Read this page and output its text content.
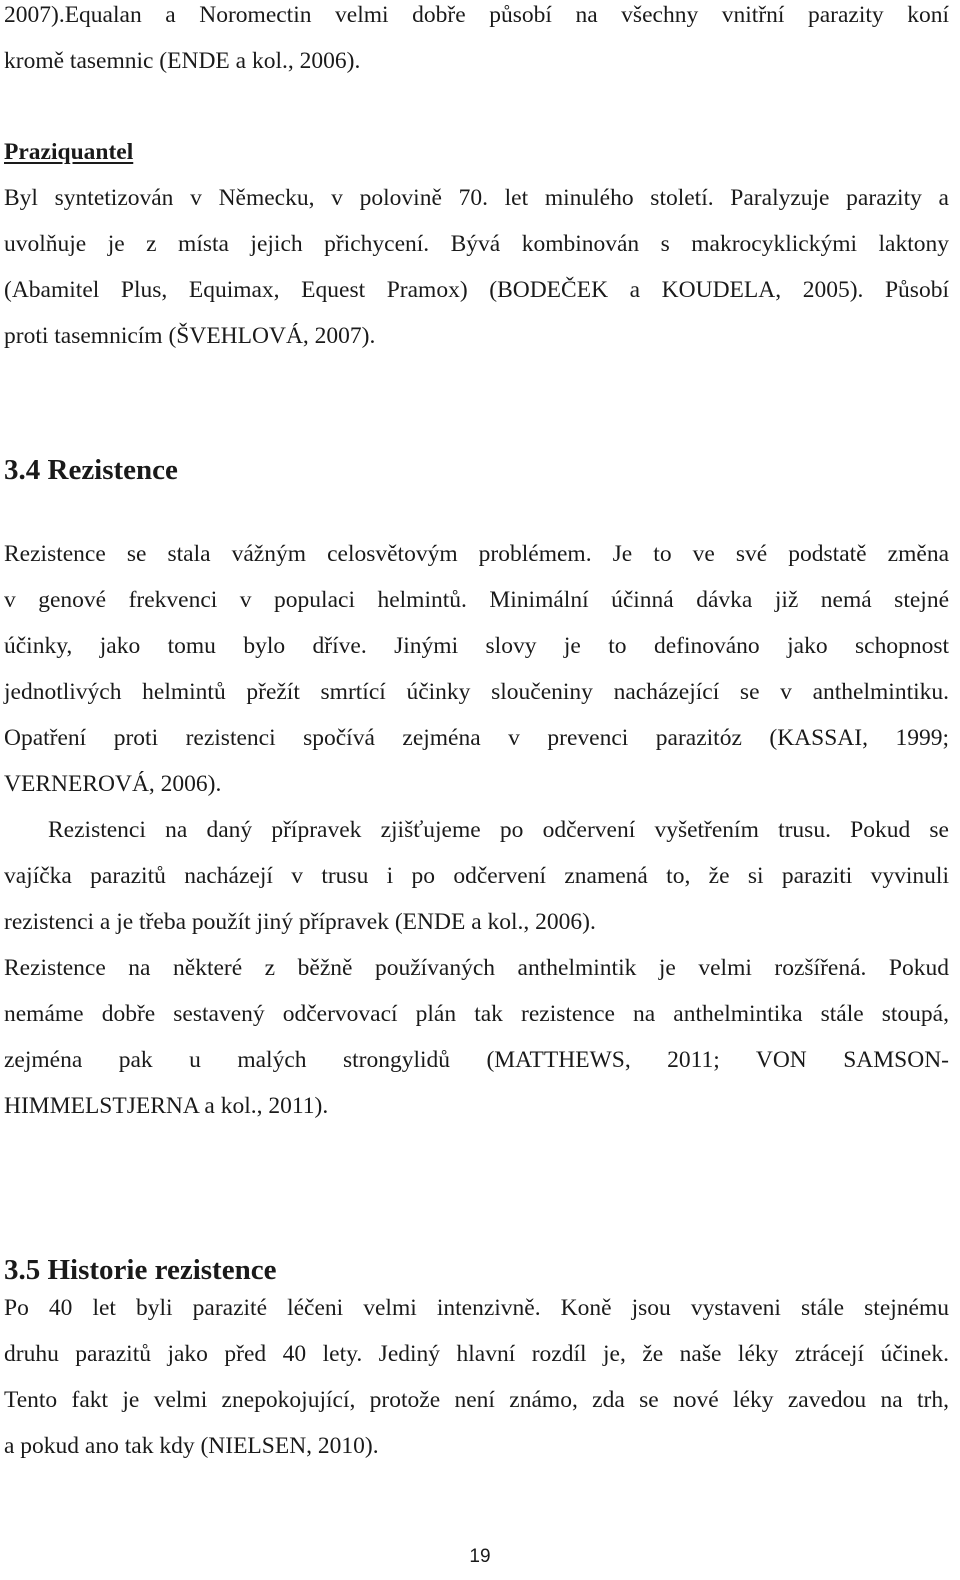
2007).Equalan a Noromectin velmi dobře působí na všechny vnitřní parazity koní
kromě tasemnic (ENDE a kol., 2006).
Praziquantel
Byl syntetizován v Německu, v polovině 70. let minulého století. Paralyzuje parazity a
uvolňuje je z místa jejich přichycení. Bývá kombinován s makrocyklickými laktony
(Abamitel Plus, Equimax, Equest Pramox) (BODEČEK a KOUDELA, 2005). Působí
proti tasemnicím (ŠVEHLOVÁ, 2007).
3.4 Rezistence
Rezistence se stala vážným celosvětovým problémem. Je to ve své podstatě změna
v genové frekvenci v populaci helmintů. Minimální účinná dávka již nemá stejné
účinky, jako tomu bylo dříve. Jinými slovy je to definováno jako schopnost
jednotlivých helmintů přežít smrtící účinky sloučeniny nacházející se v anthelmintiku.
Opatření proti rezistenci spočívá zejména v prevenci parazitóz (KASSAI, 1999;
VERNEROVÁ, 2006).
Rezistenci na daný přípravek zjišťujeme po odčervení vyšetřením trusu. Pokud se
vajíčka parazitů nacházejí v trusu i po odčervení znamená to, že si paraziti vyvinuli
rezistenci a je třeba použít jiný přípravek (ENDE a kol., 2006).
Rezistence na některé z běžně používaných anthelmintik je velmi rozšířená. Pokud
nemáme dobře sestavený odčervovací plán tak rezistence na anthelmintika stále stoupá,
zejména pak u malých strongylidů (MATTHEWS, 2011; VON SAMSON-
HIMMELSTJERNA a kol., 2011).
3.5 Historie rezistence
Po 40 let byli parazité léčeni velmi intenzivně. Koně jsou vystaveni stále stejnému
druhu parazitů jako před 40 lety. Jediný hlavní rozdíl je, že naše léky ztrácejí účinek.
Tento fakt je velmi znepokojující, protože není známo, zda se nové léky zavedou na trh,
a pokud ano tak kdy (NIELSEN, 2010).
19
